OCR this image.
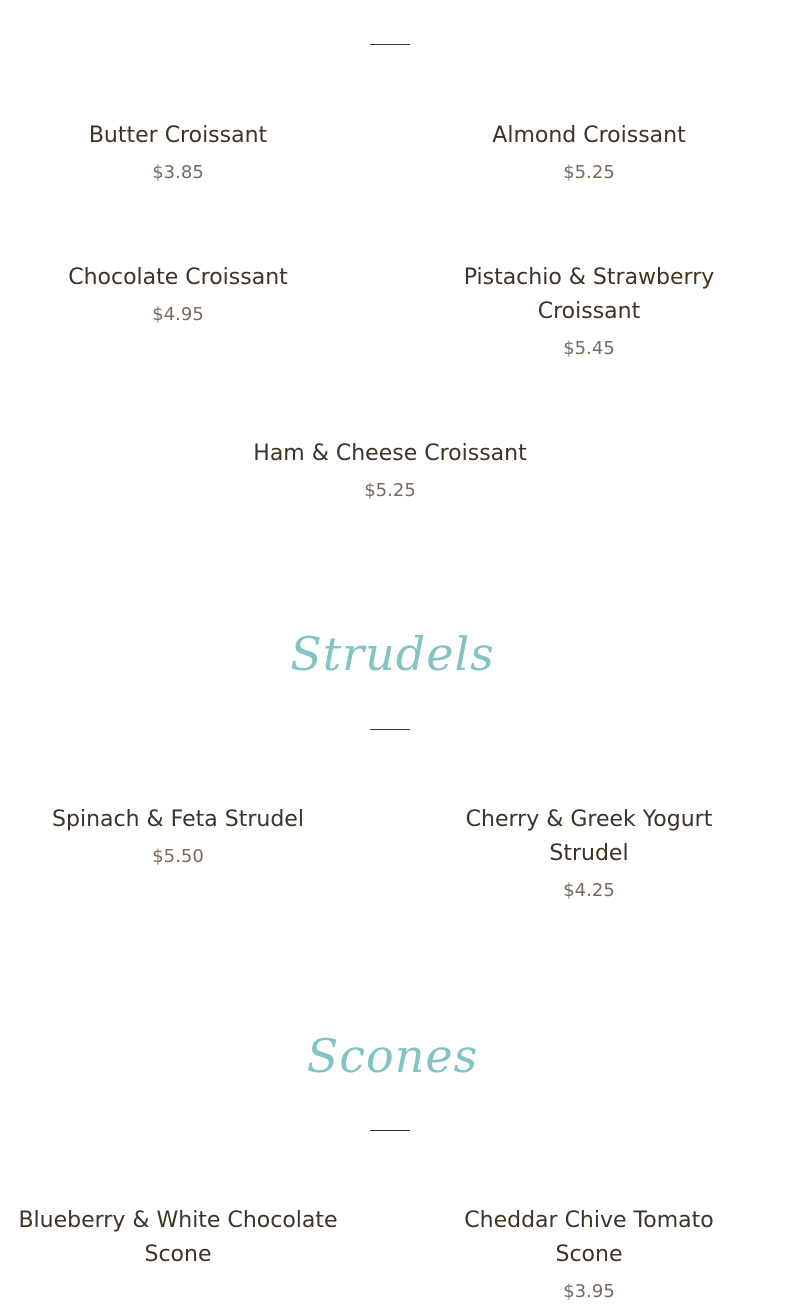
Butter Croissant
$3.85
Almond Croissant
$5.25
Chocolate Croissant
$4.95
Pistachio & Strawberry Croissant
$5.45
Ham & Cheese Croissant
$5.25
Strudels
Spinach & Feta Strudel
$5.50
Cherry & Greek Yogurt Strudel
$4.25
Scones
Blueberry & White Chocolate Scone
Cheddar Chive Tomato Scone
$3.95
